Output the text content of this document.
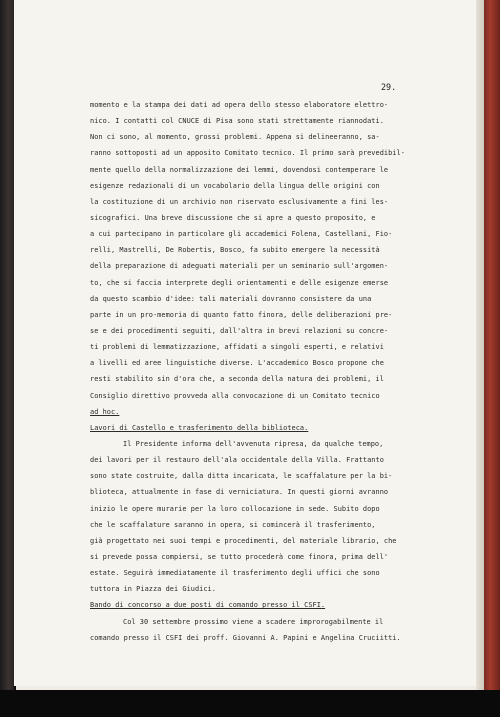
29.
momento e la stampa dei dati ad opera dello stesso elaboratore elettro-
nico. I contatti col CNUCE di Pisa sono stati strettamente riannodati.
Non ci sono, al momento, grossi problemi. Appena si delineeranno, sa-
ranno sottoposti ad un apposito Comitato tecnico. Il primo sarà prevedibil-
mente quello della normalizzazione dei lemmi, dovendosi contemperare le
esigenze redazionali di un vocabolario della lingua delle origini con
la costituzione di un archivio non riservato esclusivamente a fini les-
sicografici. Una breve discussione che si apre a questo proposito, e
a cui partecipano in particolare gli accademici Folena, Castellani, Fio-
relli, Mastrelli, De Robertis, Bosco, fa subito emergere la necessità
della preparazione di adeguati materiali per un seminario sull'argomen-
to, che si faccia interprete degli orientamenti e delle esigenze emerse
da questo scambio d'idee: tali materiali dovranno consistere da una
parte in un pro-memoria di quanto fatto finora, delle deliberazioni pre-
se e dei procedimenti seguiti, dall'altra in brevi relazioni su concre-
ti problemi di lemmatizzazione, affidati a singoli esperti, e relativi
a livelli ed aree linguistiche diverse. L'accademico Bosco propone che
resti stabilito sin d'ora che, a seconda della natura dei problemi, il
Consiglio direttivo provveda alla convocazione di un Comitato tecnico
ad hoc.
Lavori di Castello e trasferimento della biblioteca.
Il Presidente informa dell'avvenuta ripresa, da qualche tempo,
dei lavori per il restauro dell'ala occidentale della Villa. Frattanto
sono state costruite, dalla ditta incaricata, le scaffalature per la bi-
blioteca, attualmente in fase di verniciatura. In questi giorni avranno
inizio le opere murarie per la loro collocazione in sede. Subito dopo
che le scaffalature saranno in opera, si comincerà il trasferimento,
già progettato nei suoi tempi e procedimenti, del materiale librario, che
si prevede possa compiersi, se tutto procederà come finora, prima dell'
estate. Seguirà immediatamente il trasferimento degli uffici che sono
tuttora in Piazza dei Giudici.
Bando di concorso a due posti di comando presso il CSFI.
Col 30 settembre prossimo viene a scadere improrogabilmente il
comando presso il CSFI dei proff. Giovanni A. Papini e Angelina Cruciitti.
